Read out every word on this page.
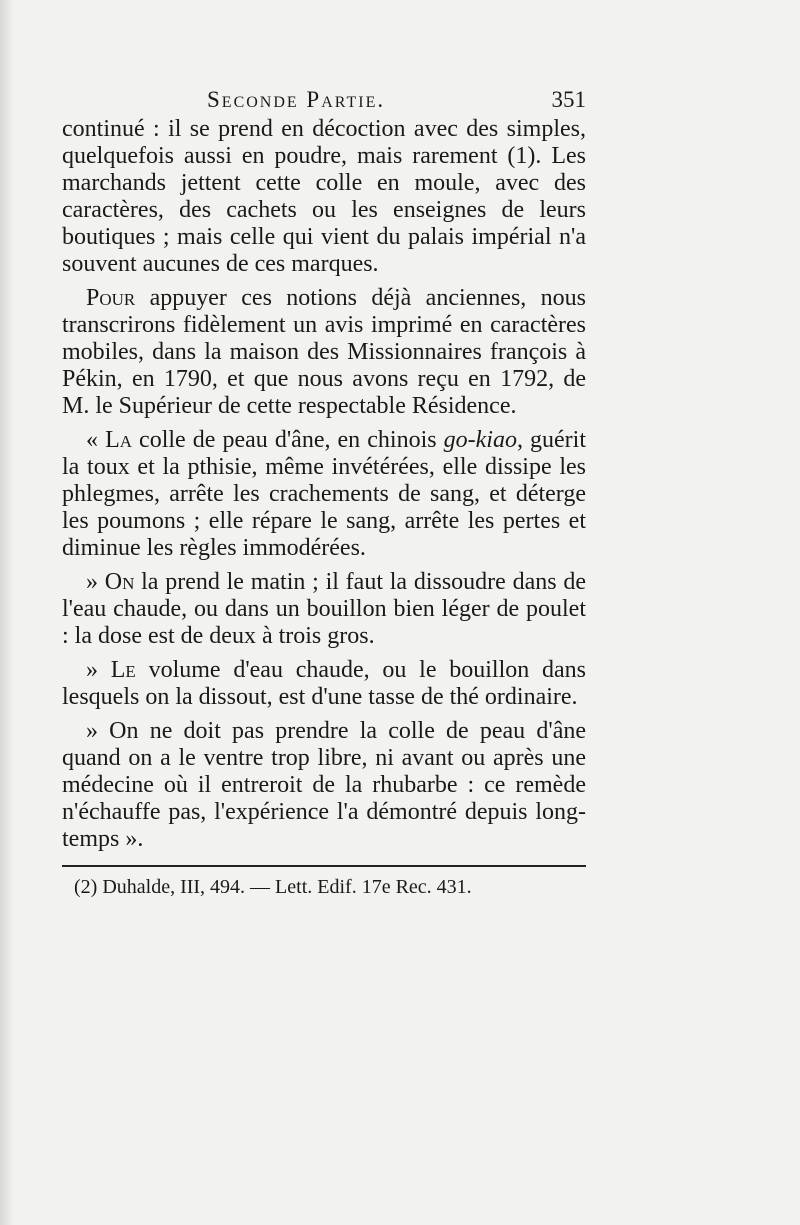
Seconde Partie.	351

continué : il se prend en décoction avec des simples, quelquefois aussi en poudre, mais rarement (1). Les marchands jettent cette colle en moule, avec des caractères, des cachets ou les enseignes de leurs boutiques ; mais celle qui vient du palais impérial n'a souvent aucunes de ces marques.

Pour appuyer ces notions déjà anciennes, nous transcrirons fidèlement un avis imprimé en caractères mobiles, dans la maison des Missionnaires françois à Pékin, en 1790, et que nous avons reçu en 1792, de M. le Supérieur de cette respectable Résidence.

« La colle de peau d'âne, en chinois go-kiao, guérit la toux et la pthisie, même invétérées, elle dissipe les phlegmes, arrête les crachements de sang, et déterge les poumons ; elle répare le sang, arrête les pertes et diminue les règles immodérées.

» On la prend le matin ; il faut la dissoudre dans de l'eau chaude, ou dans un bouillon bien léger de poulet : la dose est de deux à trois gros.

» Le volume d'eau chaude, ou le bouillon dans lesquels on la dissout, est d'une tasse de thé ordinaire.

» On ne doit pas prendre la colle de peau d'âne quand on a le ventre trop libre, ni avant ou après une médecine où il entreroit de la rhubarbe : ce remède n'échauffe pas, l'expérience l'a démontré depuis long-temps ».

(2) Duhalde, III, 494. — Lett. Edif. 17e Rec. 431.
